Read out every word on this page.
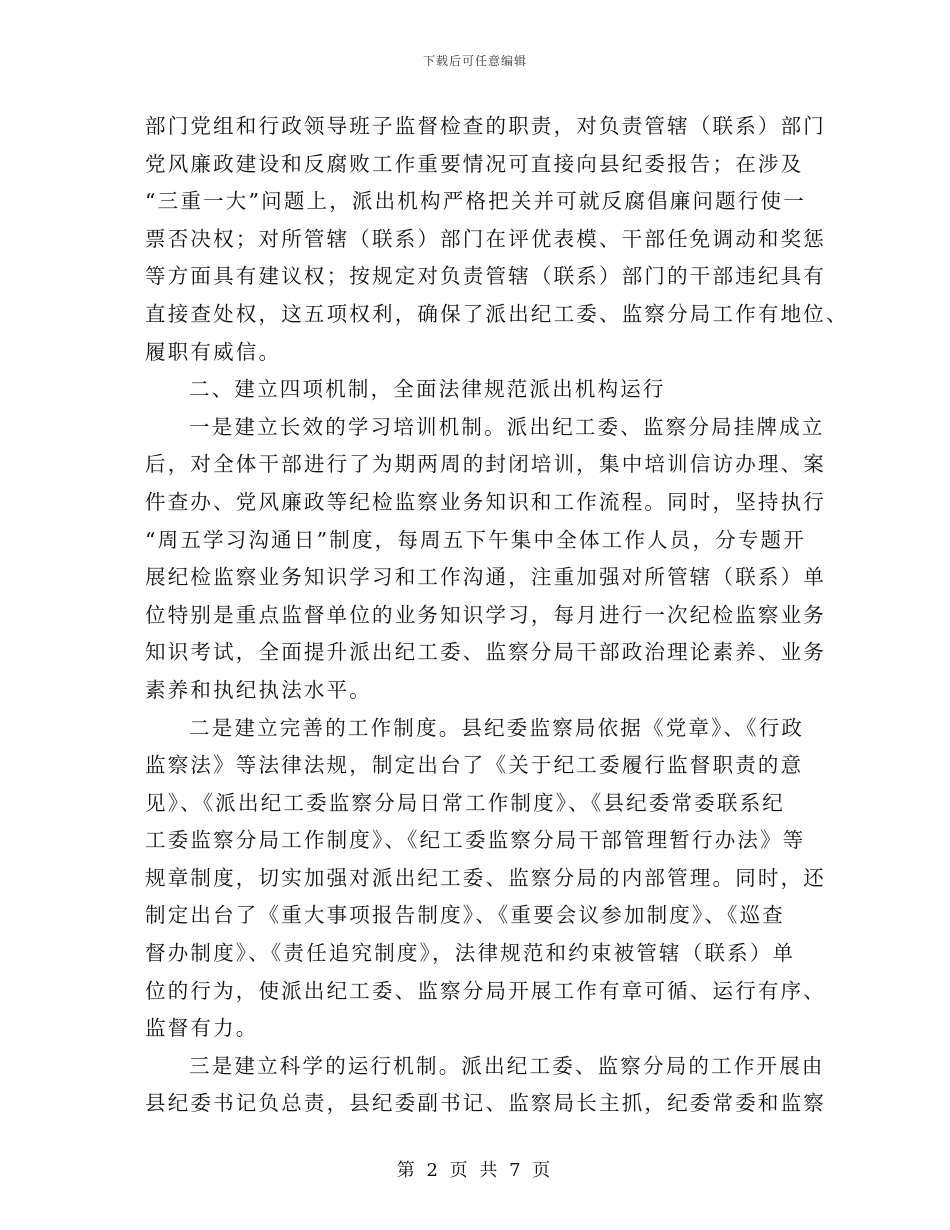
下载后可任意编辑
部门党组和行政领导班子监督检查的职责，对负责管辖（联系）部门
党风廉政建设和反腐败工作重要情况可直接向县纪委报告；在涉及
“三重一大”问题上，派出机构严格把关并可就反腐倡廉问题行使一
票否决权；对所管辖（联系）部门在评优表模、干部任免调动和奖惩
等方面具有建议权；按规定对负责管辖（联系）部门的干部违纪具有
直接查处权，这五项权利，确保了派出纪工委、监察分局工作有地位、
履职有威信。
二、建立四项机制，全面法律规范派出机构运行
一是建立长效的学习培训机制。派出纪工委、监察分局挂牌成立
后，对全体干部进行了为期两周的封闭培训，集中培训信访办理、案
件查办、党风廉政等纪检监察业务知识和工作流程。同时，坚持执行
“周五学习沟通日”制度，每周五下午集中全体工作人员，分专题开
展纪检监察业务知识学习和工作沟通，注重加强对所管辖（联系）单
位特别是重点监督单位的业务知识学习，每月进行一次纪检监察业务
知识考试，全面提升派出纪工委、监察分局干部政治理论素养、业务
素养和执纪执法水平。
二是建立完善的工作制度。县纪委监察局依据《党章》、《行政
监察法》等法律法规，制定出台了《关于纪工委履行监督职责的意
见》、《派出纪工委监察分局日常工作制度》、《县纪委常委联系纪
工委监察分局工作制度》、《纪工委监察分局干部管理暂行办法》等
规章制度，切实加强对派出纪工委、监察分局的内部管理。同时，还
制定出台了《重大事项报告制度》、《重要会议参加制度》、《巡查
督办制度》、《责任追究制度》，法律规范和约束被管辖（联系）单
位的行为，使派出纪工委、监察分局开展工作有章可循、运行有序、
监督有力。
三是建立科学的运行机制。派出纪工委、监察分局的工作开展由
县纪委书记负总责，县纪委副书记、监察局长主抓，纪委常委和监察
第 2 页 共 7 页
